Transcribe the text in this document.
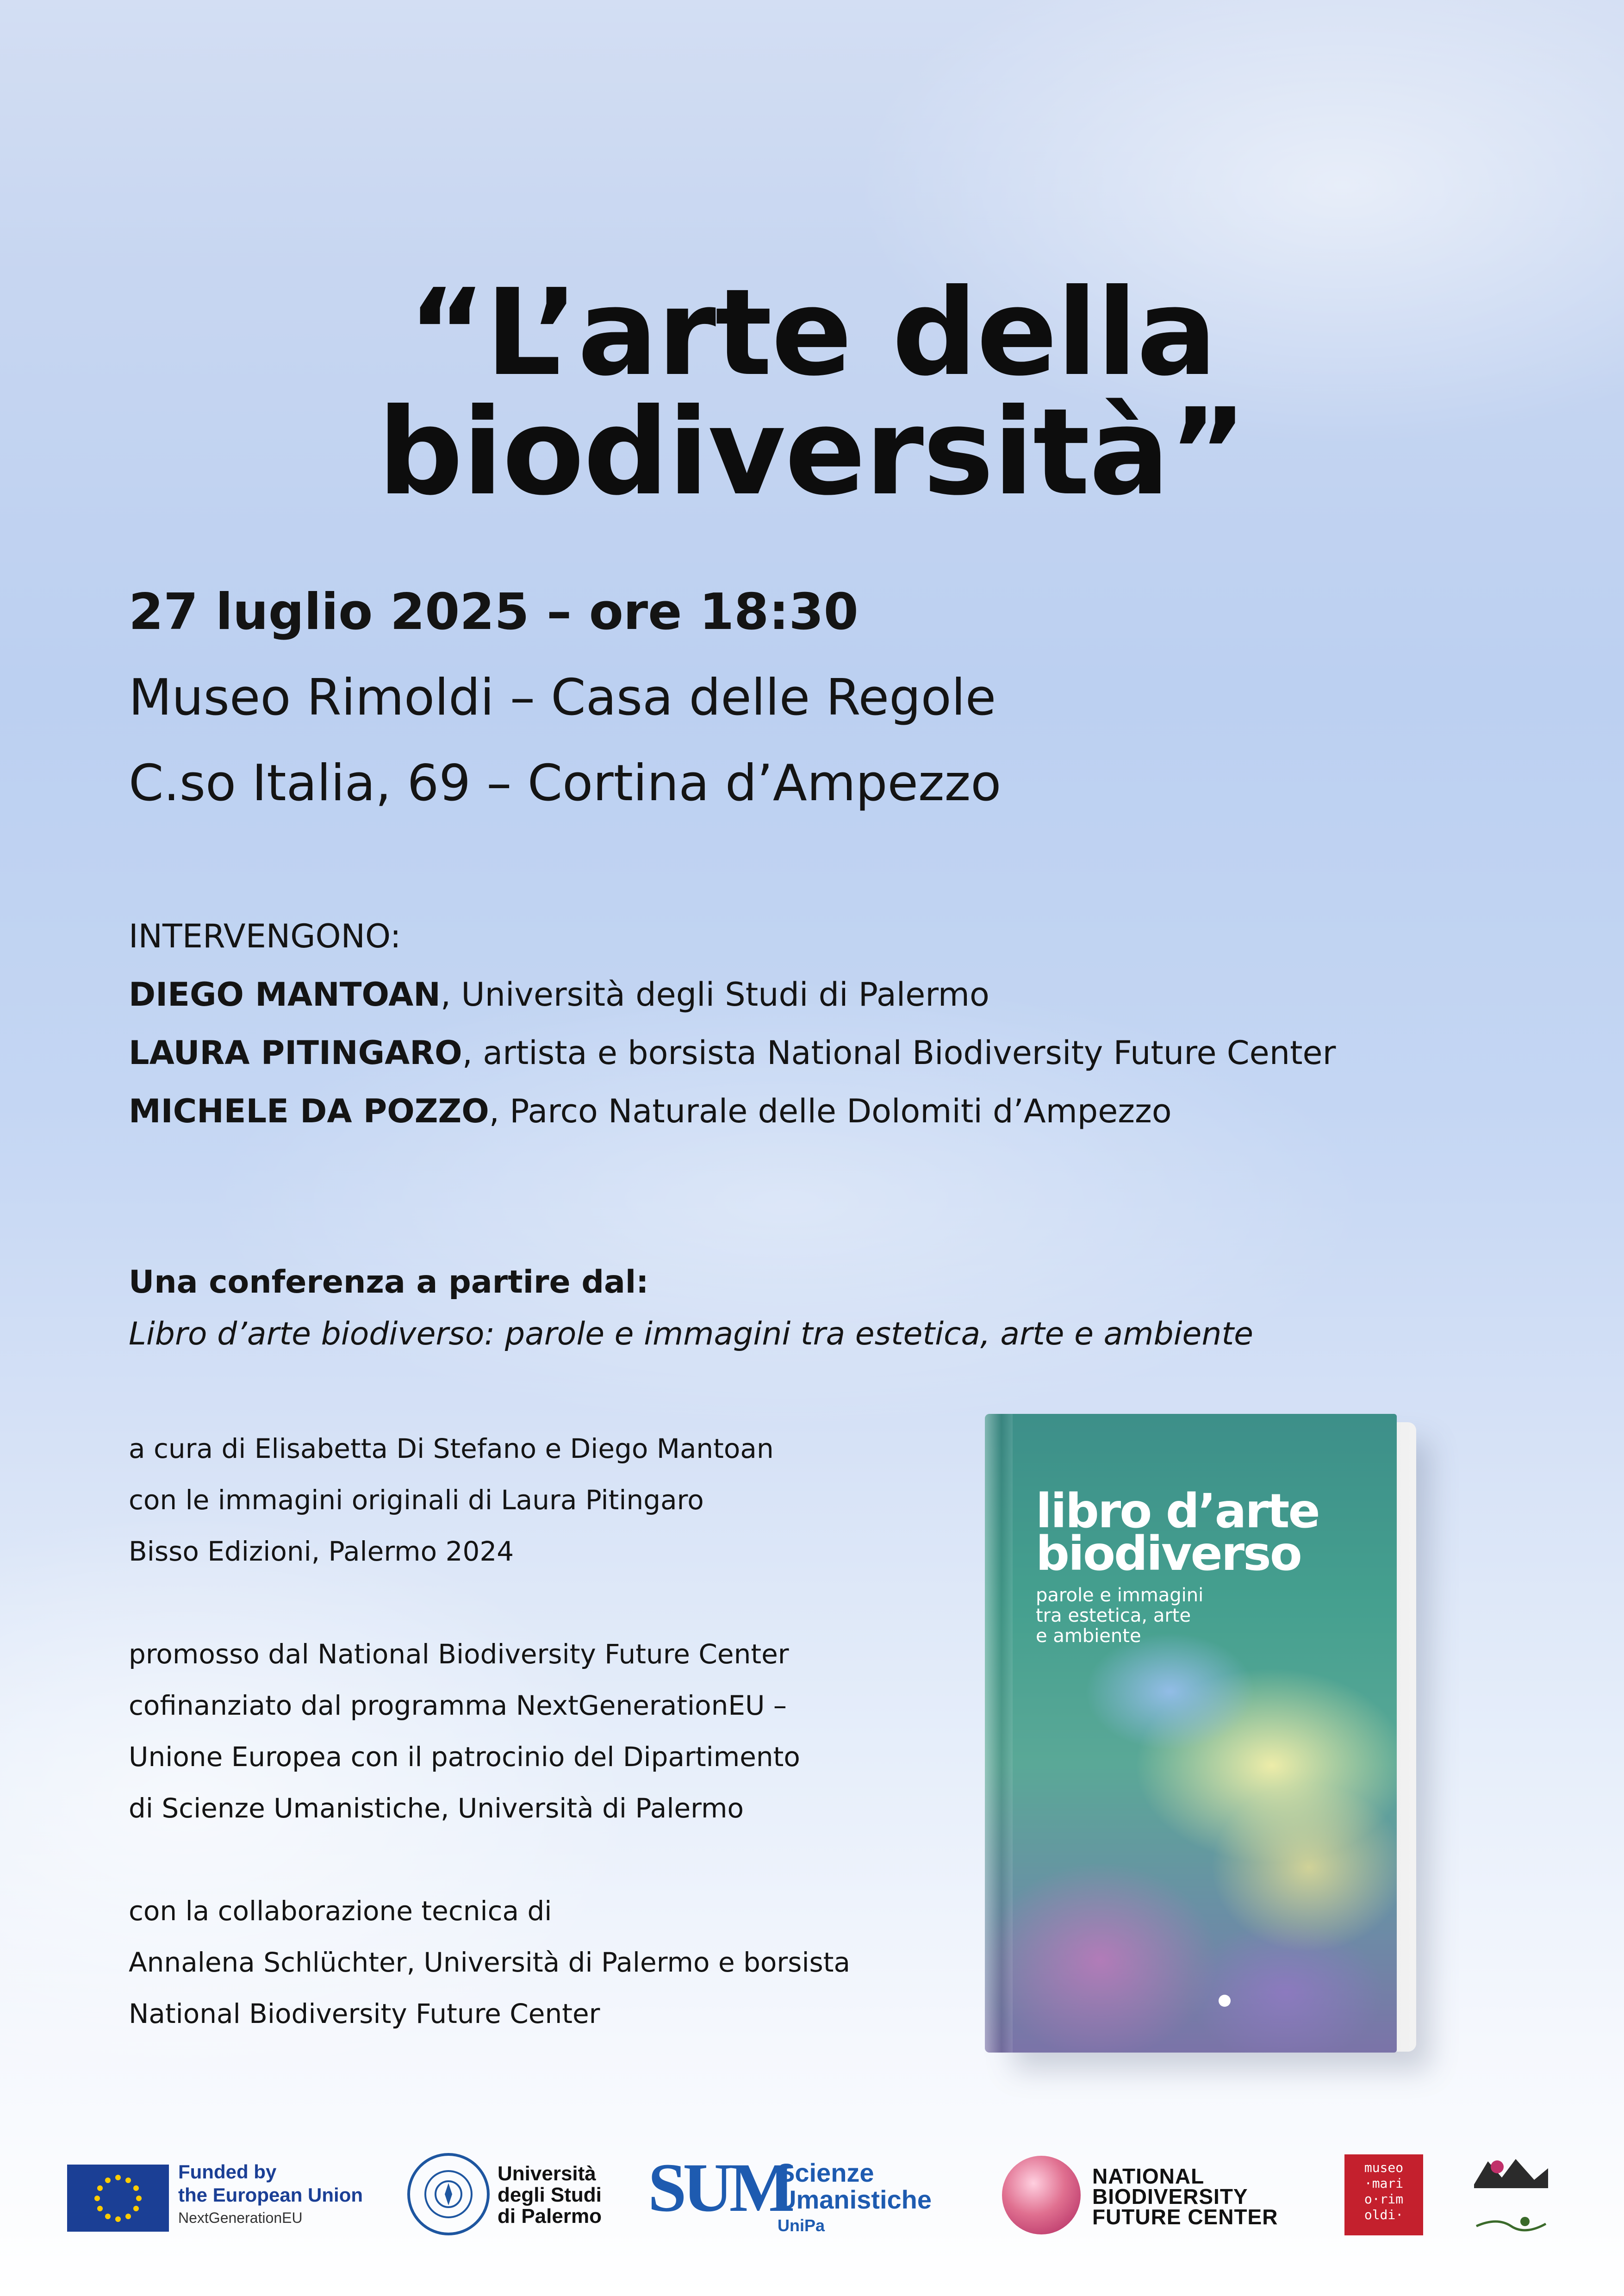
“L’arte della biodiversità”
27 luglio 2025 – ore 18:30
Museo Rimoldi – Casa delle Regole
C.so Italia, 69 – Cortina d’Ampezzo
INTERVENGONO:
DIEGO MANTOAN, Università degli Studi di Palermo
LAURA PITINGARO, artista e borsista National Biodiversity Future Center
MICHELE DA POZZO, Parco Naturale delle Dolomiti d’Ampezzo
Una conferenza a partire dal:
Libro d’arte biodiverso: parole e immagini tra estetica, arte e ambiente
a cura di Elisabetta Di Stefano e Diego Mantoan
con le immagini originali di Laura Pitingaro
Bisso Edizioni, Palermo 2024
promosso dal National Biodiversity Future Center
cofinanziato dal programma NextGenerationEU –
Unione Europea con il patrocinio del Dipartimento
di Scienze Umanistiche, Università di Palermo
con la collaborazione tecnica di
Annalena Schlüchter, Università di Palermo e borsista
National Biodiversity Future Center
libro d’arte
biodiverso
parole e immagini
tra estetica, arte
e ambiente
Funded by
the European Union
NextGenerationEU
Università
degli Studi
di Palermo SUM
Scienze
Umanistiche
UniPa
NATIONAL
BIODIVERSITY
FUTURE CENTER
museo
·mari
o·rim
oldi·
